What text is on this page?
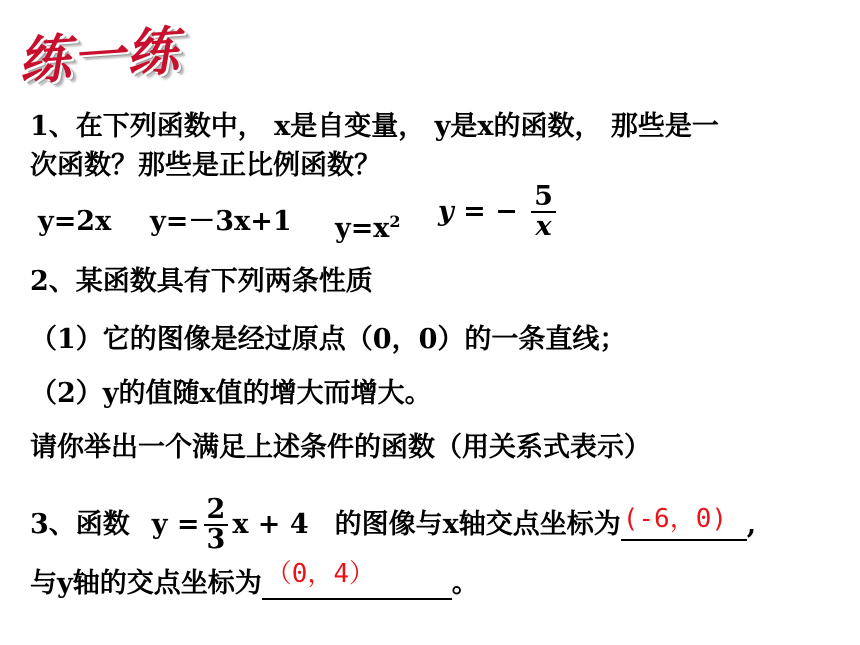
练一练
1、在下列函数中， x是自变量， y是x的函数， 那些是一
次函数？那些是正比例函数？
y=2x y=－3x+1 $y=x^2$ y = − $\frac{5}{x}$
2、某函数具有下列两条性质
（1）它的图像是经过原点（0，0）的一条直线；
（2）y的值随x值的增大而增大。
请你举出一个满足上述条件的函数（用关系式表示）
3、函数 $y = \frac{2}{3}$ x + 4 的图像与x轴交点坐标为 (-6，0) ,
与y轴的交点坐标为 （0，4）	。
